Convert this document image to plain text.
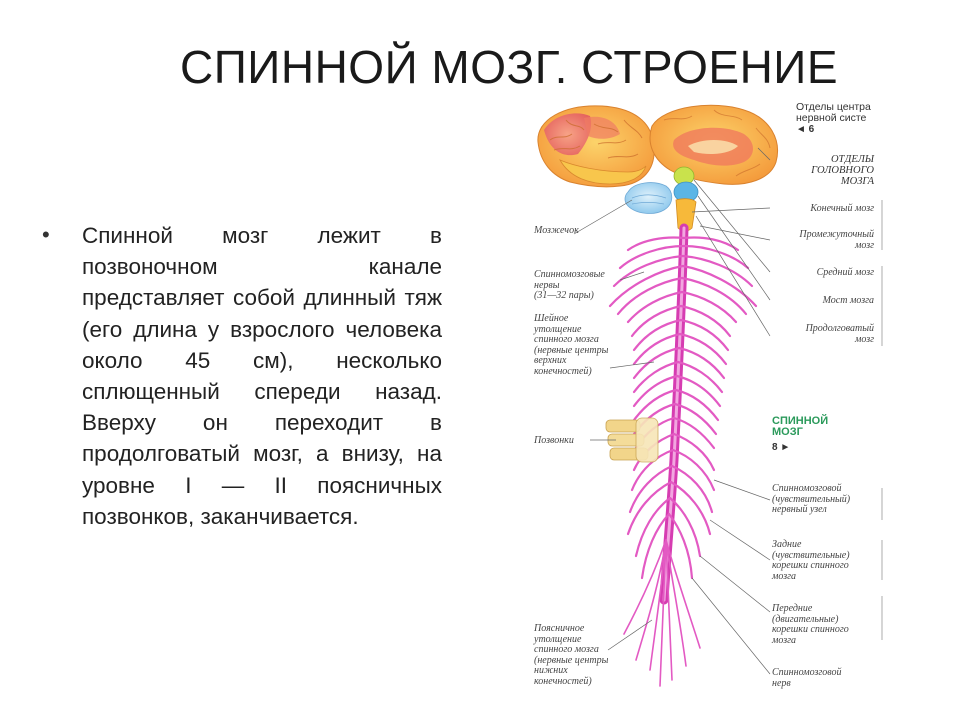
СПИННОЙ МОЗГ. СТРОЕНИЕ
• Спинной мозг лежит в позвоночном канале представляет собой длинный тяж (его длина у взрослого человека около 45 см), несколько сплющенный спереди назад. Вверху он переходит в продолговатый мозг, а внизу, на уровне I — II поясничных позвонков, заканчивается.
Отделы центра
нервной систе
◄ 6
ОТДЕЛЫ
ГОЛОВНОГО
МОЗГА
СПИННОЙ
МОЗГ
8 ►
Мозжечок
Спинномозговые
нервы
(31—32 пары)
Шейное
утолщение
спинного мозга
(нервные центры
верхних
конечностей)
Позвонки
Поясничное
утолщение
спинного мозга
(нервные центры
нижних
конечностей)
Конечный мозг
Промежуточный
мозг
Средний мозг
Мост мозга
Продолговатый
мозг
Спинномозговой
(чувствительный)
нервный узел
Задние
(чувствительные)
корешки спинного
мозга
Передние
(двигательные)
корешки спинного
мозга
Спинномозговой
нерв
